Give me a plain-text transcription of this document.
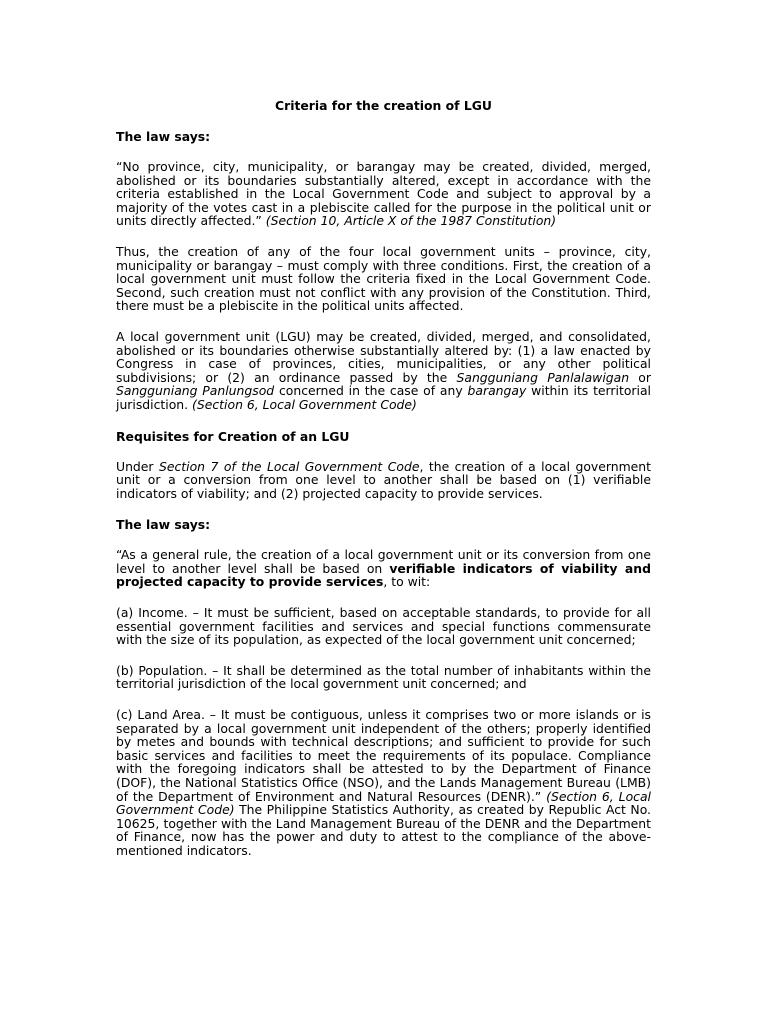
Criteria for the creation of LGU
The law says:

“No province, city, municipality, or barangay may be created, divided, merged, abolished or its boundaries substantially altered, except in accordance with the criteria established in the Local Government Code and subject to approval by a majority of the votes cast in a plebiscite called for the purpose in the political unit or units directly affected.” (Section 10, Article X of the 1987 Constitution)

Thus, the creation of any of the four local government units – province, city, municipality or barangay – must comply with three conditions. First, the creation of a local government unit must follow the criteria fixed in the Local Government Code. Second, such creation must not conflict with any provision of the Constitution. Third, there must be a plebiscite in the political units affected.

A local government unit (LGU) may be created, divided, merged, and consolidated, abolished or its boundaries otherwise substantially altered by: (1) a law enacted by Congress in case of provinces, cities, municipalities, or any other political subdivisions; or (2) an ordinance passed by the Sangguniang Panlalawigan or Sangguniang Panlungsod concerned in the case of any barangay within its territorial jurisdiction. (Section 6, Local Government Code)

Requisites for Creation of an LGU

Under Section 7 of the Local Government Code, the creation of a local government unit or a conversion from one level to another shall be based on (1) verifiable indicators of viability; and (2) projected capacity to provide services.

The law says:

“As a general rule, the creation of a local government unit or its conversion from one level to another level shall be based on verifiable indicators of viability and projected capacity to provide services, to wit:

(a) Income. – It must be sufficient, based on acceptable standards, to provide for all essential government facilities and services and special functions commensurate with the size of its population, as expected of the local government unit concerned;

(b) Population. – It shall be determined as the total number of inhabitants within the territorial jurisdiction of the local government unit concerned; and

(c) Land Area. – It must be contiguous, unless it comprises two or more islands or is separated by a local government unit independent of the others; properly identified by metes and bounds with technical descriptions; and sufficient to provide for such basic services and facilities to meet the requirements of its populace. Compliance with the foregoing indicators shall be attested to by the Department of Finance (DOF), the National Statistics Office (NSO), and the Lands Management Bureau (LMB) of the Department of Environment and Natural Resources (DENR).” (Section 6, Local Government Code) The Philippine Statistics Authority, as created by Republic Act No. 10625, together with the Land Management Bureau of the DENR and the Department of Finance, now has the power and duty to attest to the compliance of the above-mentioned indicators.
